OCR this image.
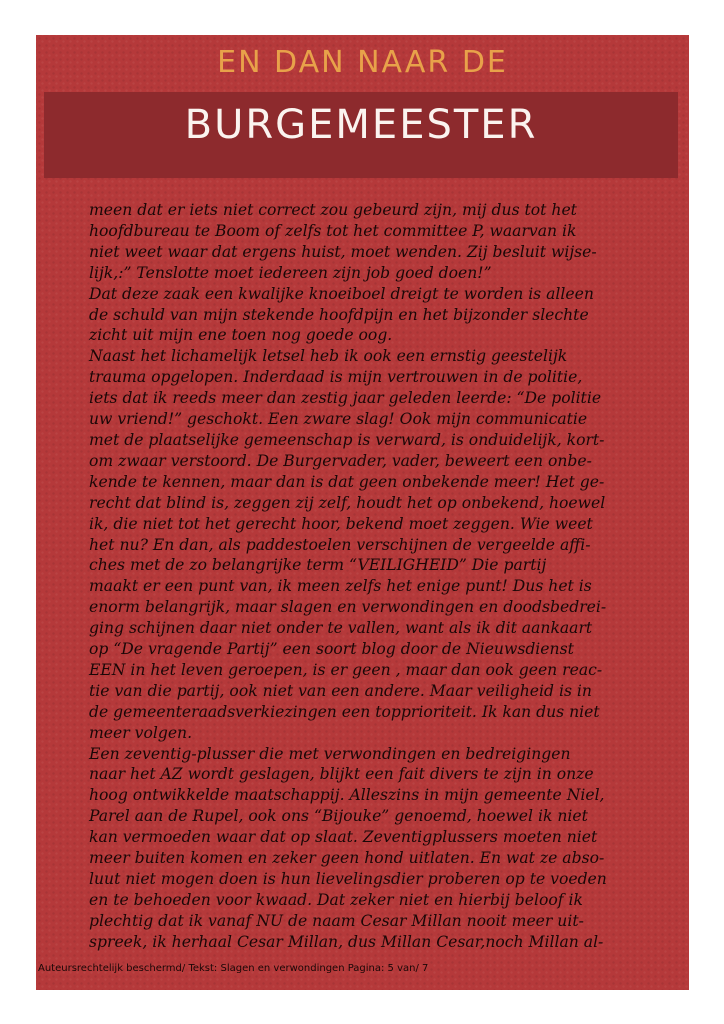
EN DAN NAAR DE
BURGEMEESTER
meen dat er iets niet correct zou gebeurd zijn, mij dus tot het
hoofdbureau te Boom of zelfs tot het committee P, waarvan ik
niet weet waar dat ergens huist, moet wenden. Zij besluit wijse-
lijk,:” Tenslotte moet iedereen zijn job goed doen!”
Dat deze zaak een kwalijke knoeiboel dreigt te worden is alleen
de schuld van mijn stekende hoofdpijn en het bijzonder slechte
zicht uit mijn ene toen nog goede oog.
Naast het lichamelijk letsel heb ik ook een ernstig geestelijk
trauma opgelopen. Inderdaad is mijn vertrouwen in de politie,
iets dat ik reeds meer dan zestig jaar geleden leerde: “De politie
uw vriend!” geschokt. Een zware slag! Ook mijn communicatie
met de plaatselijke gemeenschap is verward, is onduidelijk, kort-
om zwaar verstoord. De Burgervader, vader, beweert een onbe-
kende te kennen, maar dan is dat geen onbekende meer! Het ge-
recht dat blind is, zeggen zij zelf, houdt het op onbekend, hoewel
ik, die niet tot het gerecht hoor, bekend moet zeggen. Wie weet
het nu? En dan, als paddestoelen verschijnen de vergeelde affi-
ches met de zo belangrijke term “VEILIGHEID” Die partij
maakt er een punt van, ik meen zelfs het enige punt! Dus het is
enorm belangrijk, maar slagen en verwondingen en doodsbedrei-
ging schijnen daar niet onder te vallen, want als ik dit aankaart
op “De vragende Partij” een soort blog door de Nieuwsdienst
EEN in het leven geroepen, is er geen , maar dan ook geen reac-
tie van die partij, ook niet van een andere. Maar veiligheid is in
de gemeenteraadsverkiezingen een topprioriteit. Ik kan dus niet
meer volgen.
Een zeventig-plusser die met verwondingen en bedreigingen
naar het AZ wordt geslagen, blijkt een fait divers te zijn in onze
hoog ontwikkelde maatschappij. Alleszins in mijn gemeente Niel,
Parel aan de Rupel, ook ons “Bijouke” genoemd, hoewel ik niet
kan vermoeden waar dat op slaat. Zeventigplussers moeten niet
meer buiten komen en zeker geen hond uitlaten. En wat ze abso-
luut niet mogen doen is hun lievelingsdier proberen op te voeden
en te behoeden voor kwaad. Dat zeker niet en hierbij beloof ik
plechtig dat ik vanaf NU de naam Cesar Millan nooit meer uit-
spreek, ik herhaal Cesar Millan, dus Millan Cesar,noch Millan al-
Auteursrechtelijk beschermd/ Tekst: Slagen en verwondingen Pagina: 5 van/ 7
